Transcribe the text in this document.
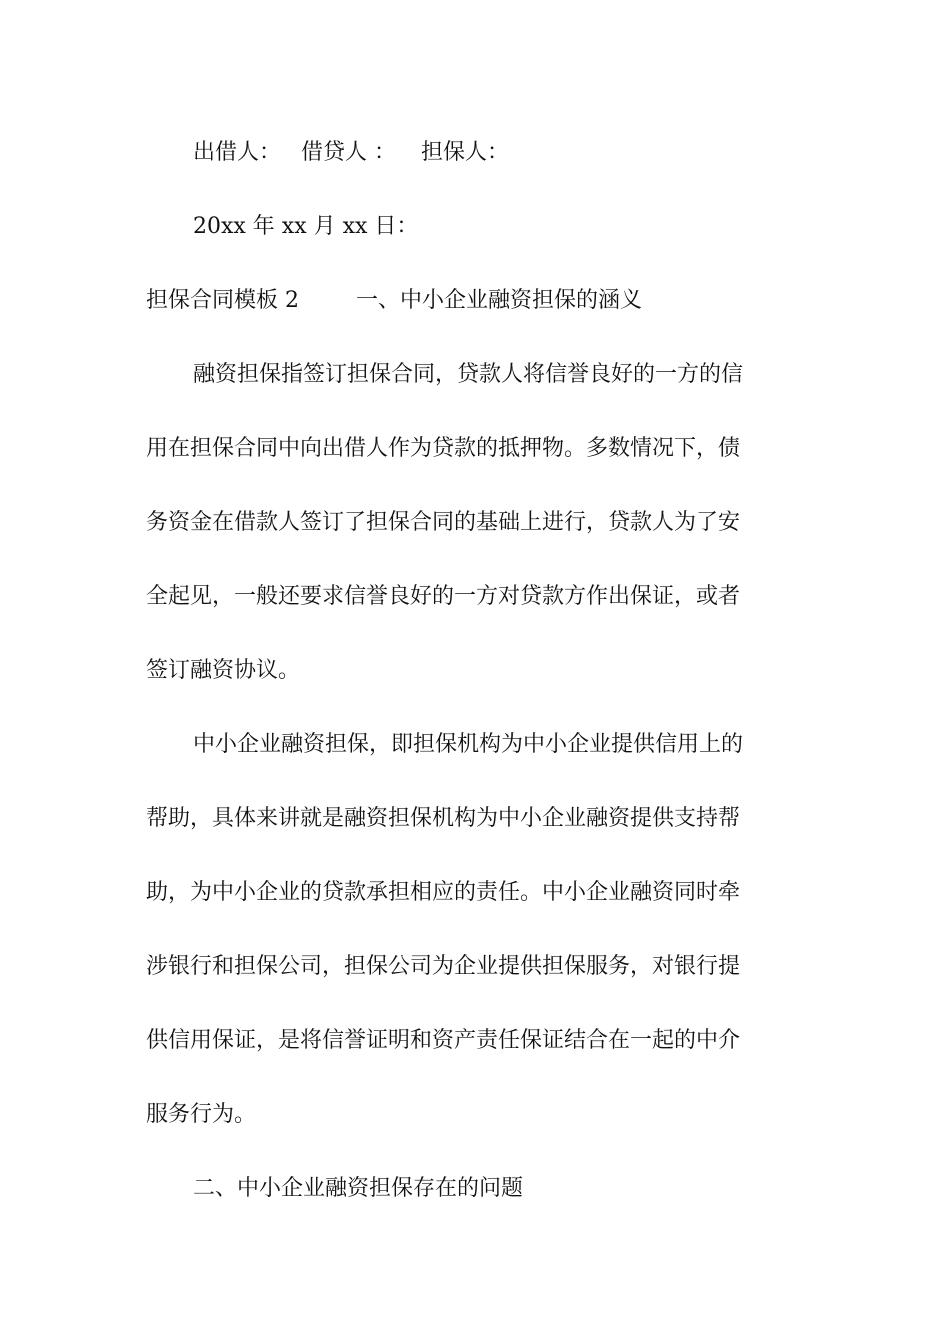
出借人： 借贷人 ： 担保人：
20xx 年 xx 月 xx 日：
担保合同模板 2	一、中小企业融资担保的涵义
融资担保指签订担保合同，贷款人将信誉良好的一方的信
用在担保合同中向出借人作为贷款的抵押物。多数情况下，债
务资金在借款人签订了担保合同的基础上进行，贷款人为了安
全起见，一般还要求信誉良好的一方对贷款方作出保证，或者
签订融资协议。
中小企业融资担保，即担保机构为中小企业提供信用上的
帮助，具体来讲就是融资担保机构为中小企业融资提供支持帮
助，为中小企业的贷款承担相应的责任。中小企业融资同时牵
涉银行和担保公司，担保公司为企业提供担保服务，对银行提
供信用保证，是将信誉证明和资产责任保证结合在一起的中介
服务行为。
二、中小企业融资担保存在的问题
